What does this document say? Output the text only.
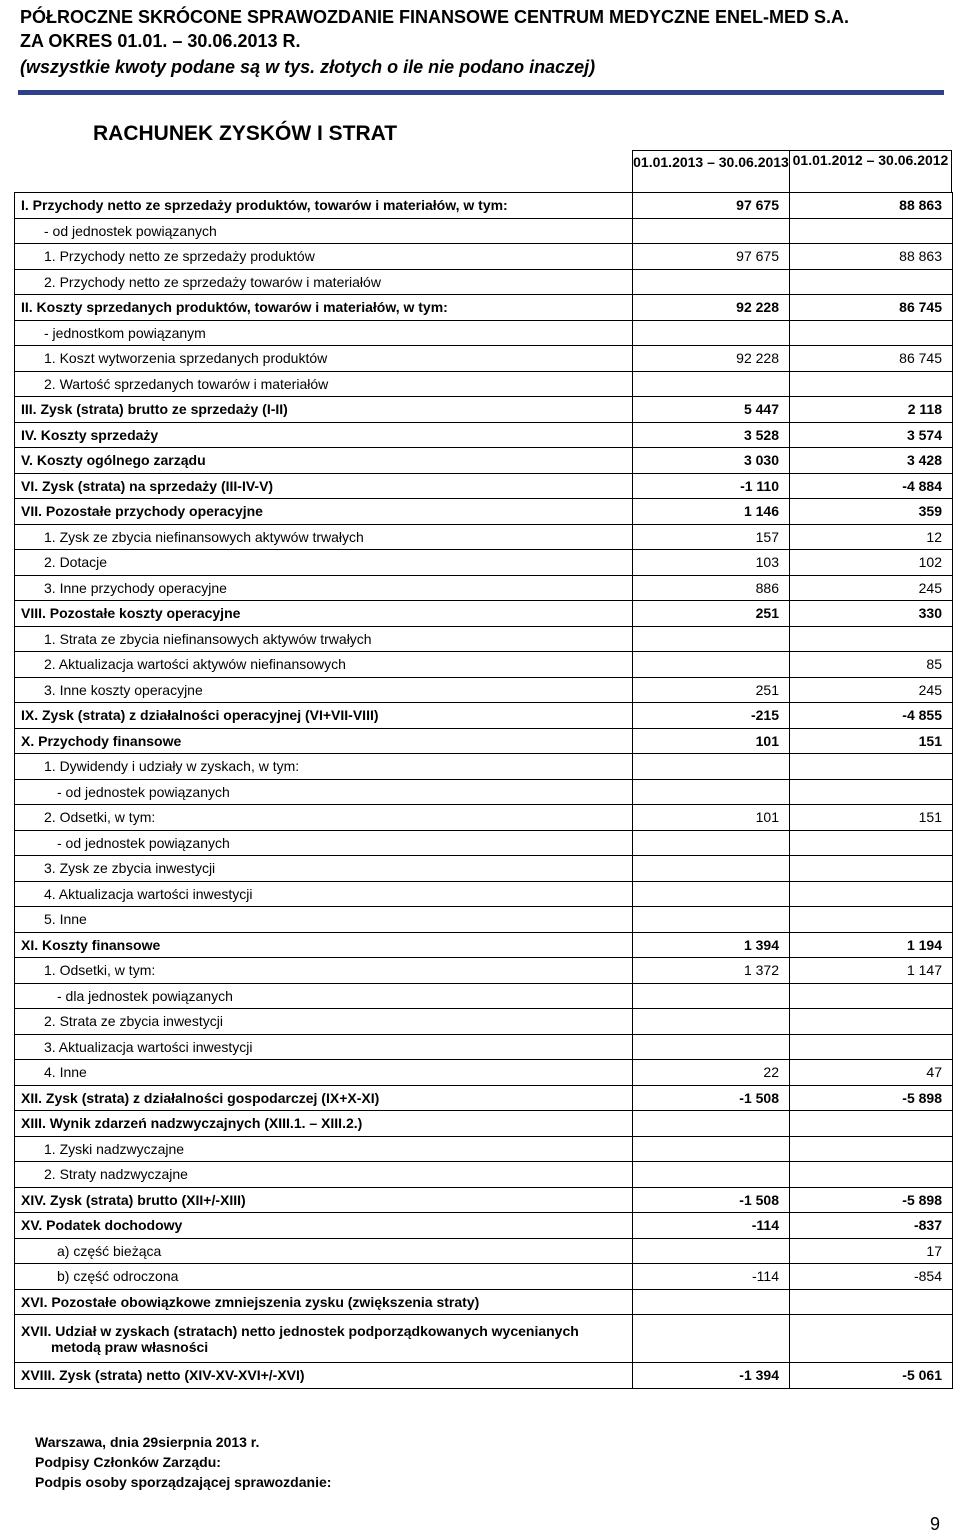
PÓŁROCZNE SKRÓCONE SPRAWOZDANIE FINANSOWE CENTRUM MEDYCZNE ENEL-MED S.A.
ZA OKRES 01.01. – 30.06.2013 R.
(wszystkie kwoty podane są w tys. złotych o ile nie podano inaczej)
RACHUNEK ZYSKÓW I STRAT
01.01.2013 – 30.06.2013 01.01.2012 – 30.06.2012
I. Przychody netto ze sprzedaży produktów, towarów i materiałów, w tym:	97 675	88 863

- od jednostek powiązanych		

1. Przychody netto ze sprzedaży produktów	97 675	88 863

2. Przychody netto ze sprzedaży towarów i materiałów		

II. Koszty sprzedanych produktów, towarów i materiałów, w tym:	92 228	86 745

- jednostkom powiązanym		

1. Koszt wytworzenia sprzedanych produktów	92 228	86 745

2. Wartość sprzedanych towarów i materiałów		

III. Zysk (strata) brutto ze sprzedaży (I-II)	5 447	2 118

IV. Koszty sprzedaży	3 528	3 574

V. Koszty ogólnego zarządu	3 030	3 428

VI. Zysk (strata) na sprzedaży (III-IV-V)	-1 110	-4 884

VII. Pozostałe przychody operacyjne	1 146	359

1. Zysk ze zbycia niefinansowych aktywów trwałych	157	12

2. Dotacje	103	102

3. Inne przychody operacyjne	886	245

VIII. Pozostałe koszty operacyjne	251	330

1. Strata ze zbycia niefinansowych aktywów trwałych		

2. Aktualizacja wartości aktywów niefinansowych		85

3. Inne koszty operacyjne	251	245

IX. Zysk (strata) z działalności operacyjnej (VI+VII-VIII)	-215	-4 855

X. Przychody finansowe	101	151

1. Dywidendy i udziały w zyskach, w tym:		

- od jednostek powiązanych		

2. Odsetki, w tym:	101	151

- od jednostek powiązanych		

3. Zysk ze zbycia inwestycji		

4. Aktualizacja wartości inwestycji		

5. Inne		

XI. Koszty finansowe	1 394	1 194

1. Odsetki, w tym:	1 372	1 147

- dla jednostek powiązanych		

2. Strata ze zbycia inwestycji		

3. Aktualizacja wartości inwestycji		

4. Inne	22	47

XII. Zysk (strata) z działalności gospodarczej (IX+X-XI)	-1 508	-5 898

XIII. Wynik zdarzeń nadzwyczajnych (XIII.1. – XIII.2.)		

1. Zyski nadzwyczajne		

2. Straty nadzwyczajne		

XIV. Zysk (strata) brutto (XII+/-XIII)	-1 508	-5 898

XV. Podatek dochodowy	-114	-837

a) część bieżąca		17

b) część odroczona	-114	-854

XVI. Pozostałe obowiązkowe zmniejszenia zysku (zwiększenia straty)		

XVII. Udział w zyskach (stratach) netto jednostek podporządkowanych wycenianych
metodą praw własności		

XVIII. Zysk (strata) netto (XIV-XV-XVI+/-XVI)	-1 394	-5 061
Warszawa, dnia 29sierpnia 2013 r.
Podpisy Członków Zarządu:
Podpis osoby sporządzającej sprawozdanie:
9
